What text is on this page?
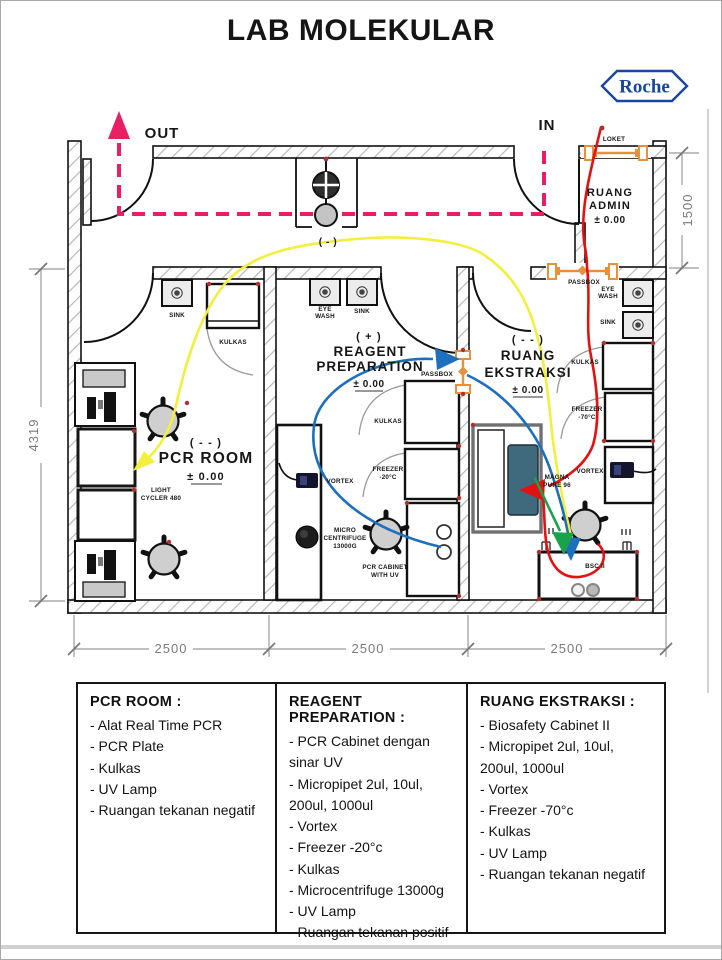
LAB MOLEKULAR
Roche
2500	2500	2500
4319
1500
OUT	IN
( - )
LOKET
RUANG
ADMIN
± 0.00
SINK
KULKAS
( - - )
PCR ROOM
± 0.00
LIGHT
CYCLER 480
EYE
WASH
SINK
( + )
REAGENT
PREPARATION
± 0.00
PASSBOX
KULKAS
FREEZER
-20°C
VORTEX
MICRO
CENTRIFUGE
13000G
PCR CABINET
WITH UV
PASSBOX
EYE
WASH
SINK
KULKAS
FREEZER
-70°C
VORTEX
MAGNA
PURE 96
BSC II
( - - )
RUANG
EKSTRAKSI
± 0.00
PCR ROOM :
- Alat Real Time PCR
- PCR Plate
- Kulkas
- UV Lamp
- Ruangan tekanan negatif
REAGENT PREPARATION :
- PCR Cabinet dengan sinar UV
- Micropipet 2ul, 10ul, 200ul, 1000ul
- Vortex
- Freezer -20°c
- Kulkas
- Microcentrifuge 13000g
- UV Lamp
- Ruangan tekanan positif
RUANG EKSTRAKSI :
- Biosafety Cabinet II
- Micropipet 2ul, 10ul, 200ul, 1000ul
- Vortex
- Freezer -70°c
- Kulkas
- UV Lamp
- Ruangan tekanan negatif
